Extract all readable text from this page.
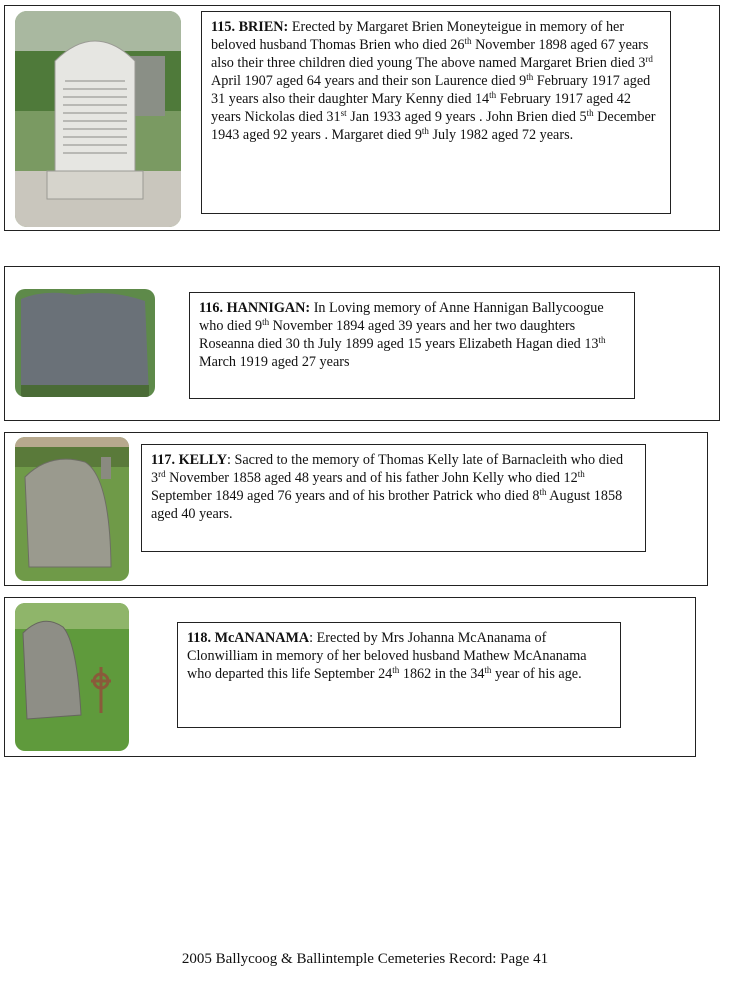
115. BRIEN: Erected by Margaret Brien Moneyteigue in memory of her beloved husband Thomas Brien who died 26th November 1898 aged 67 years also their three children died young The above named Margaret Brien died 3rd April 1907 aged 64 years and their son Laurence died 9th February 1917 aged 31 years also their daughter Mary Kenny died 14th February 1917 aged 42 years Nickolas died 31st Jan 1933 aged 9 years . John Brien died 5th December 1943 aged 92 years . Margaret died 9th July 1982 aged 72 years.

116. HANNIGAN: In Loving memory of Anne Hannigan Ballycoogue who died 9th November 1894 aged 39 years and her two daughters Roseanna died 30 th July 1899 aged 15 years Elizabeth Hagan died 13th March 1919 aged 27 years

117. KELLY: Sacred to the memory of Thomas Kelly late of Barnacleith who died 3rd November 1858 aged 48 years and of his father John Kelly who died 12th September 1849 aged 76 years and of his brother Patrick who died 8th August 1858 aged 40 years.

118. McANANAMA: Erected by Mrs Johanna McAnanama of Clonwilliam in memory of her beloved husband Mathew McAnanama who departed this life September 24th 1862 in the 34th year of his age.

2005 Ballycoog & Ballintemple Cemeteries Record: Page 41
